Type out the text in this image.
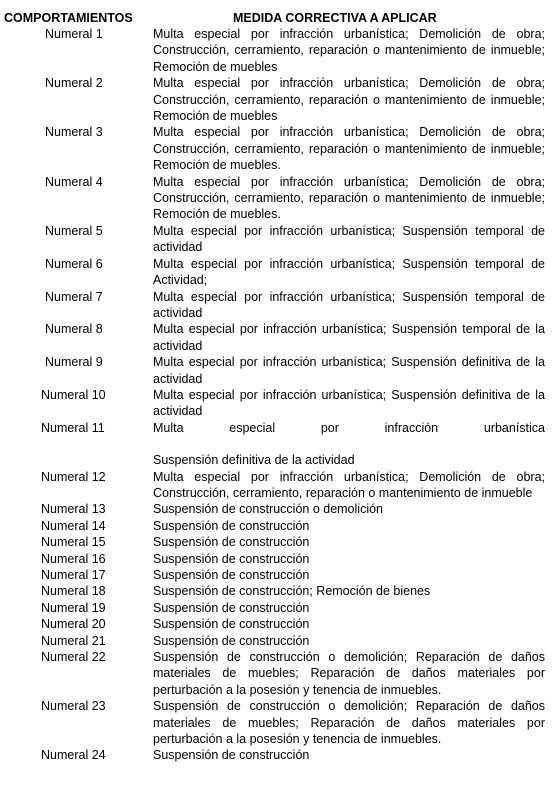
COMPORTAMIENTOS	MEDIDA CORRECTIVA A APLICAR
Numeral 1	Multa especial por infracción urbanística; Demolición de obra; Construcción, cerramiento, reparación o mantenimiento de inmueble; Remoción de muebles
Numeral 2	Multa especial por infracción urbanística; Demolición de obra; Construcción, cerramiento, reparación o mantenimiento de inmueble; Remoción de muebles
Numeral 3	Multa especial por infracción urbanística; Demolición de obra; Construcción, cerramiento, reparación o mantenimiento de inmueble; Remoción de muebles.
Numeral 4	Multa especial por infracción urbanística; Demolición de obra; Construcción, cerramiento, reparación o mantenimiento de inmueble; Remoción de muebles.
Numeral 5	Multa especial por infracción urbanística; Suspensión temporal de actividad
Numeral 6	Multa especial por infracción urbanística; Suspensión temporal de Actividad;
Numeral 7	Multa especial por infracción urbanística; Suspensión temporal de actividad
Numeral 8	Multa especial por infracción urbanística; Suspensión temporal de la actividad
Numeral 9	Multa especial por infracción urbanística; Suspensión definitiva de la actividad
Numeral 10	Multa especial por infracción urbanística; Suspensión definitiva de la actividad
Numeral 11	Multa especial por infracción urbanística
Suspensión definitiva de la actividad
Numeral 12	Multa especial por infracción urbanística; Demolición de obra; Construcción, cerramiento, reparación o mantenimiento de inmueble
Numeral 13	Suspensión de construcción o demolición
Numeral 14	Suspensión de construcción
Numeral 15	Suspensión de construcción
Numeral 16	Suspensión de construcción
Numeral 17	Suspensión de construcción
Numeral 18	Suspensión de construcción; Remoción de bienes
Numeral 19	Suspensión de construcción
Numeral 20	Suspensión de construcción
Numeral 21	Suspensión de construcción
Numeral 22	Suspensión de construcción o demolición; Reparación de daños materiales de muebles; Reparación de daños materiales por perturbación a la posesión y tenencia de inmuebles.
Numeral 23	Suspensión de construcción o demolición; Reparación de daños materiales de muebles; Reparación de daños materiales por perturbación a la posesión y tenencia de inmuebles.
Numeral 24	Suspensión de construcción
